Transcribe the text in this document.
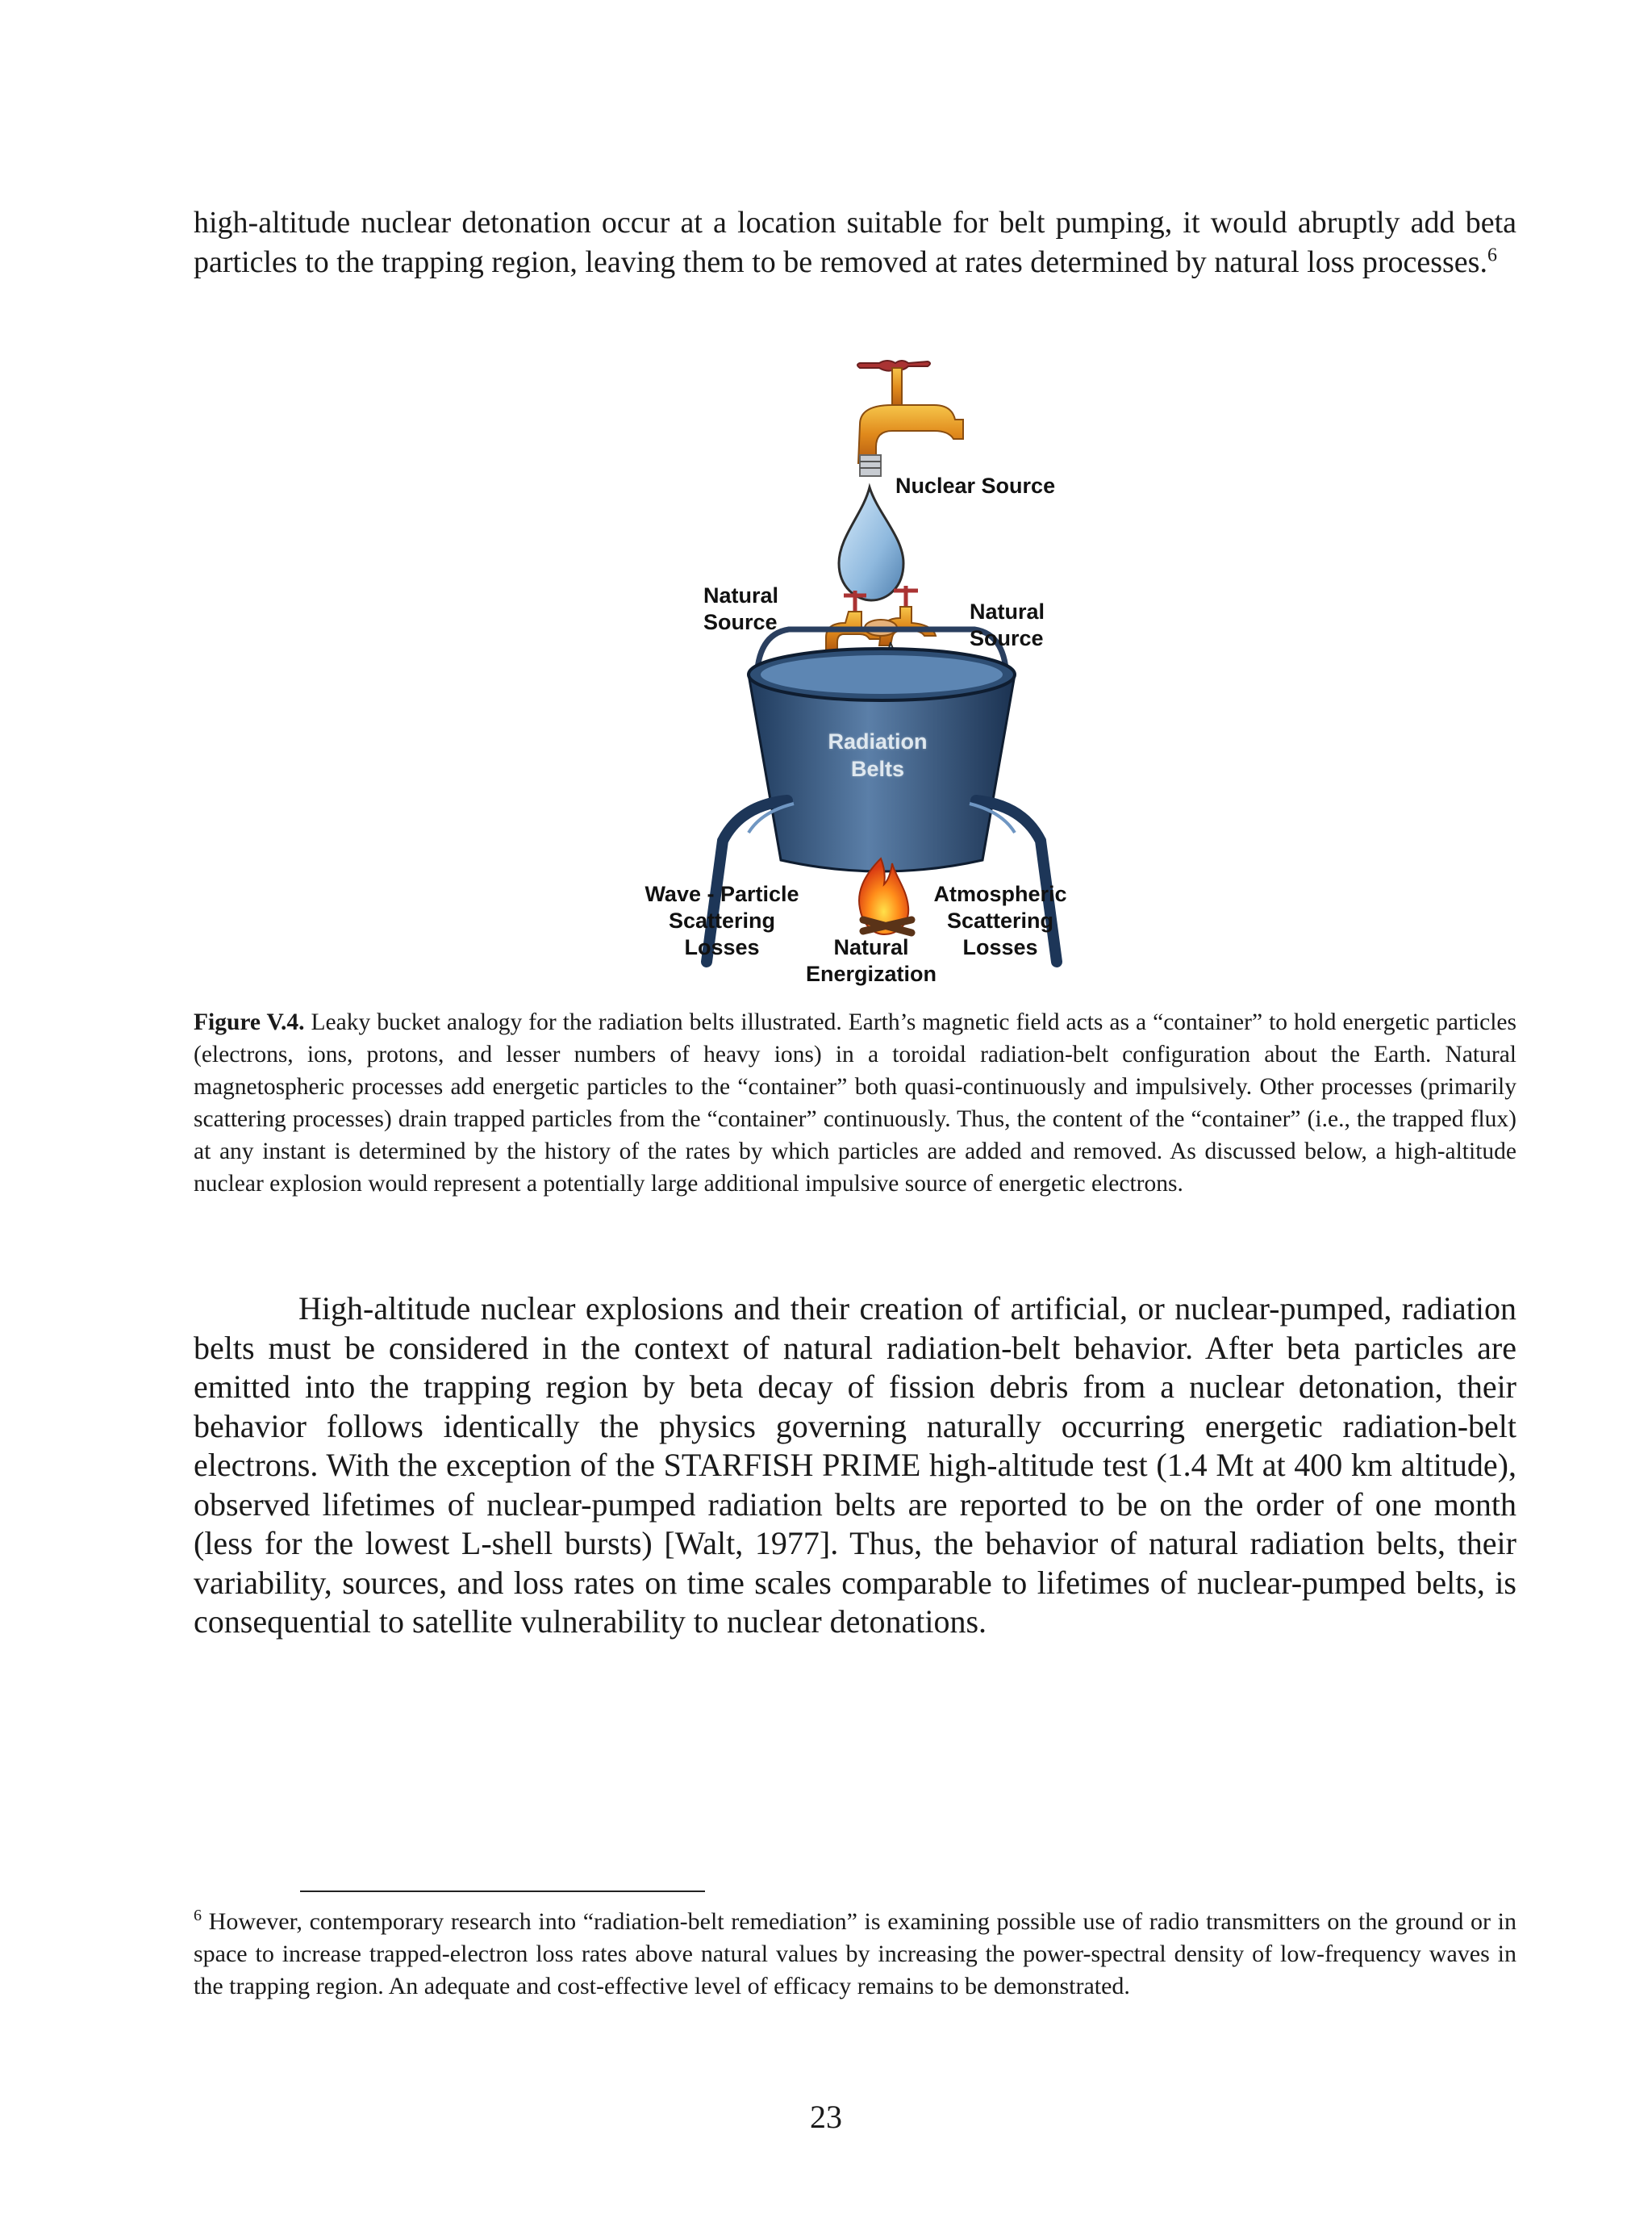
high-altitude nuclear detonation occur at a location suitable for belt pumping, it would abruptly add beta particles to the trapping region, leaving them to be removed at rates determined by natural loss processes.$^6$
Nuclear Source
Natural Source	Natural Source
Radiation Belts
Wave - Particle Scattering Losses
Atmospheric Scattering Losses
Natural Energization
Figure V.4. Leaky bucket analogy for the radiation belts illustrated. Earth’s magnetic field acts as a “container” to hold energetic particles (electrons, ions, protons, and lesser numbers of heavy ions) in a toroidal radiation-belt configuration about the Earth. Natural magnetospheric processes add energetic particles to the “container” both quasi-continuously and impulsively. Other processes (primarily scattering processes) drain trapped particles from the “container” continuously. Thus, the content of the “container” (i.e., the trapped flux) at any instant is determined by the history of the rates by which particles are added and removed. As discussed below, a high-altitude nuclear explosion would represent a potentially large additional impulsive source of energetic electrons.
High-altitude nuclear explosions and their creation of artificial, or nuclear-pumped, radiation belts must be considered in the context of natural radiation-belt behavior. After beta particles are emitted into the trapping region by beta decay of fission debris from a nuclear detonation, their behavior follows identically the physics governing naturally occurring energetic radiation-belt electrons. With the exception of the STARFISH PRIME high-altitude test (1.4 Mt at 400 km altitude), observed lifetimes of nuclear-pumped radiation belts are reported to be on the order of one month (less for the lowest L-shell bursts) [Walt, 1977]. Thus, the behavior of natural radiation belts, their variability, sources, and loss rates on time scales comparable to lifetimes of nuclear-pumped belts, is consequential to satellite vulnerability to nuclear detonations.
$^6$ However, contemporary research into “radiation-belt remediation” is examining possible use of radio transmitters on the ground or in space to increase trapped-electron loss rates above natural values by increasing the power-spectral density of low-frequency waves in the trapping region. An adequate and cost-effective level of efficacy remains to be demonstrated.
23
